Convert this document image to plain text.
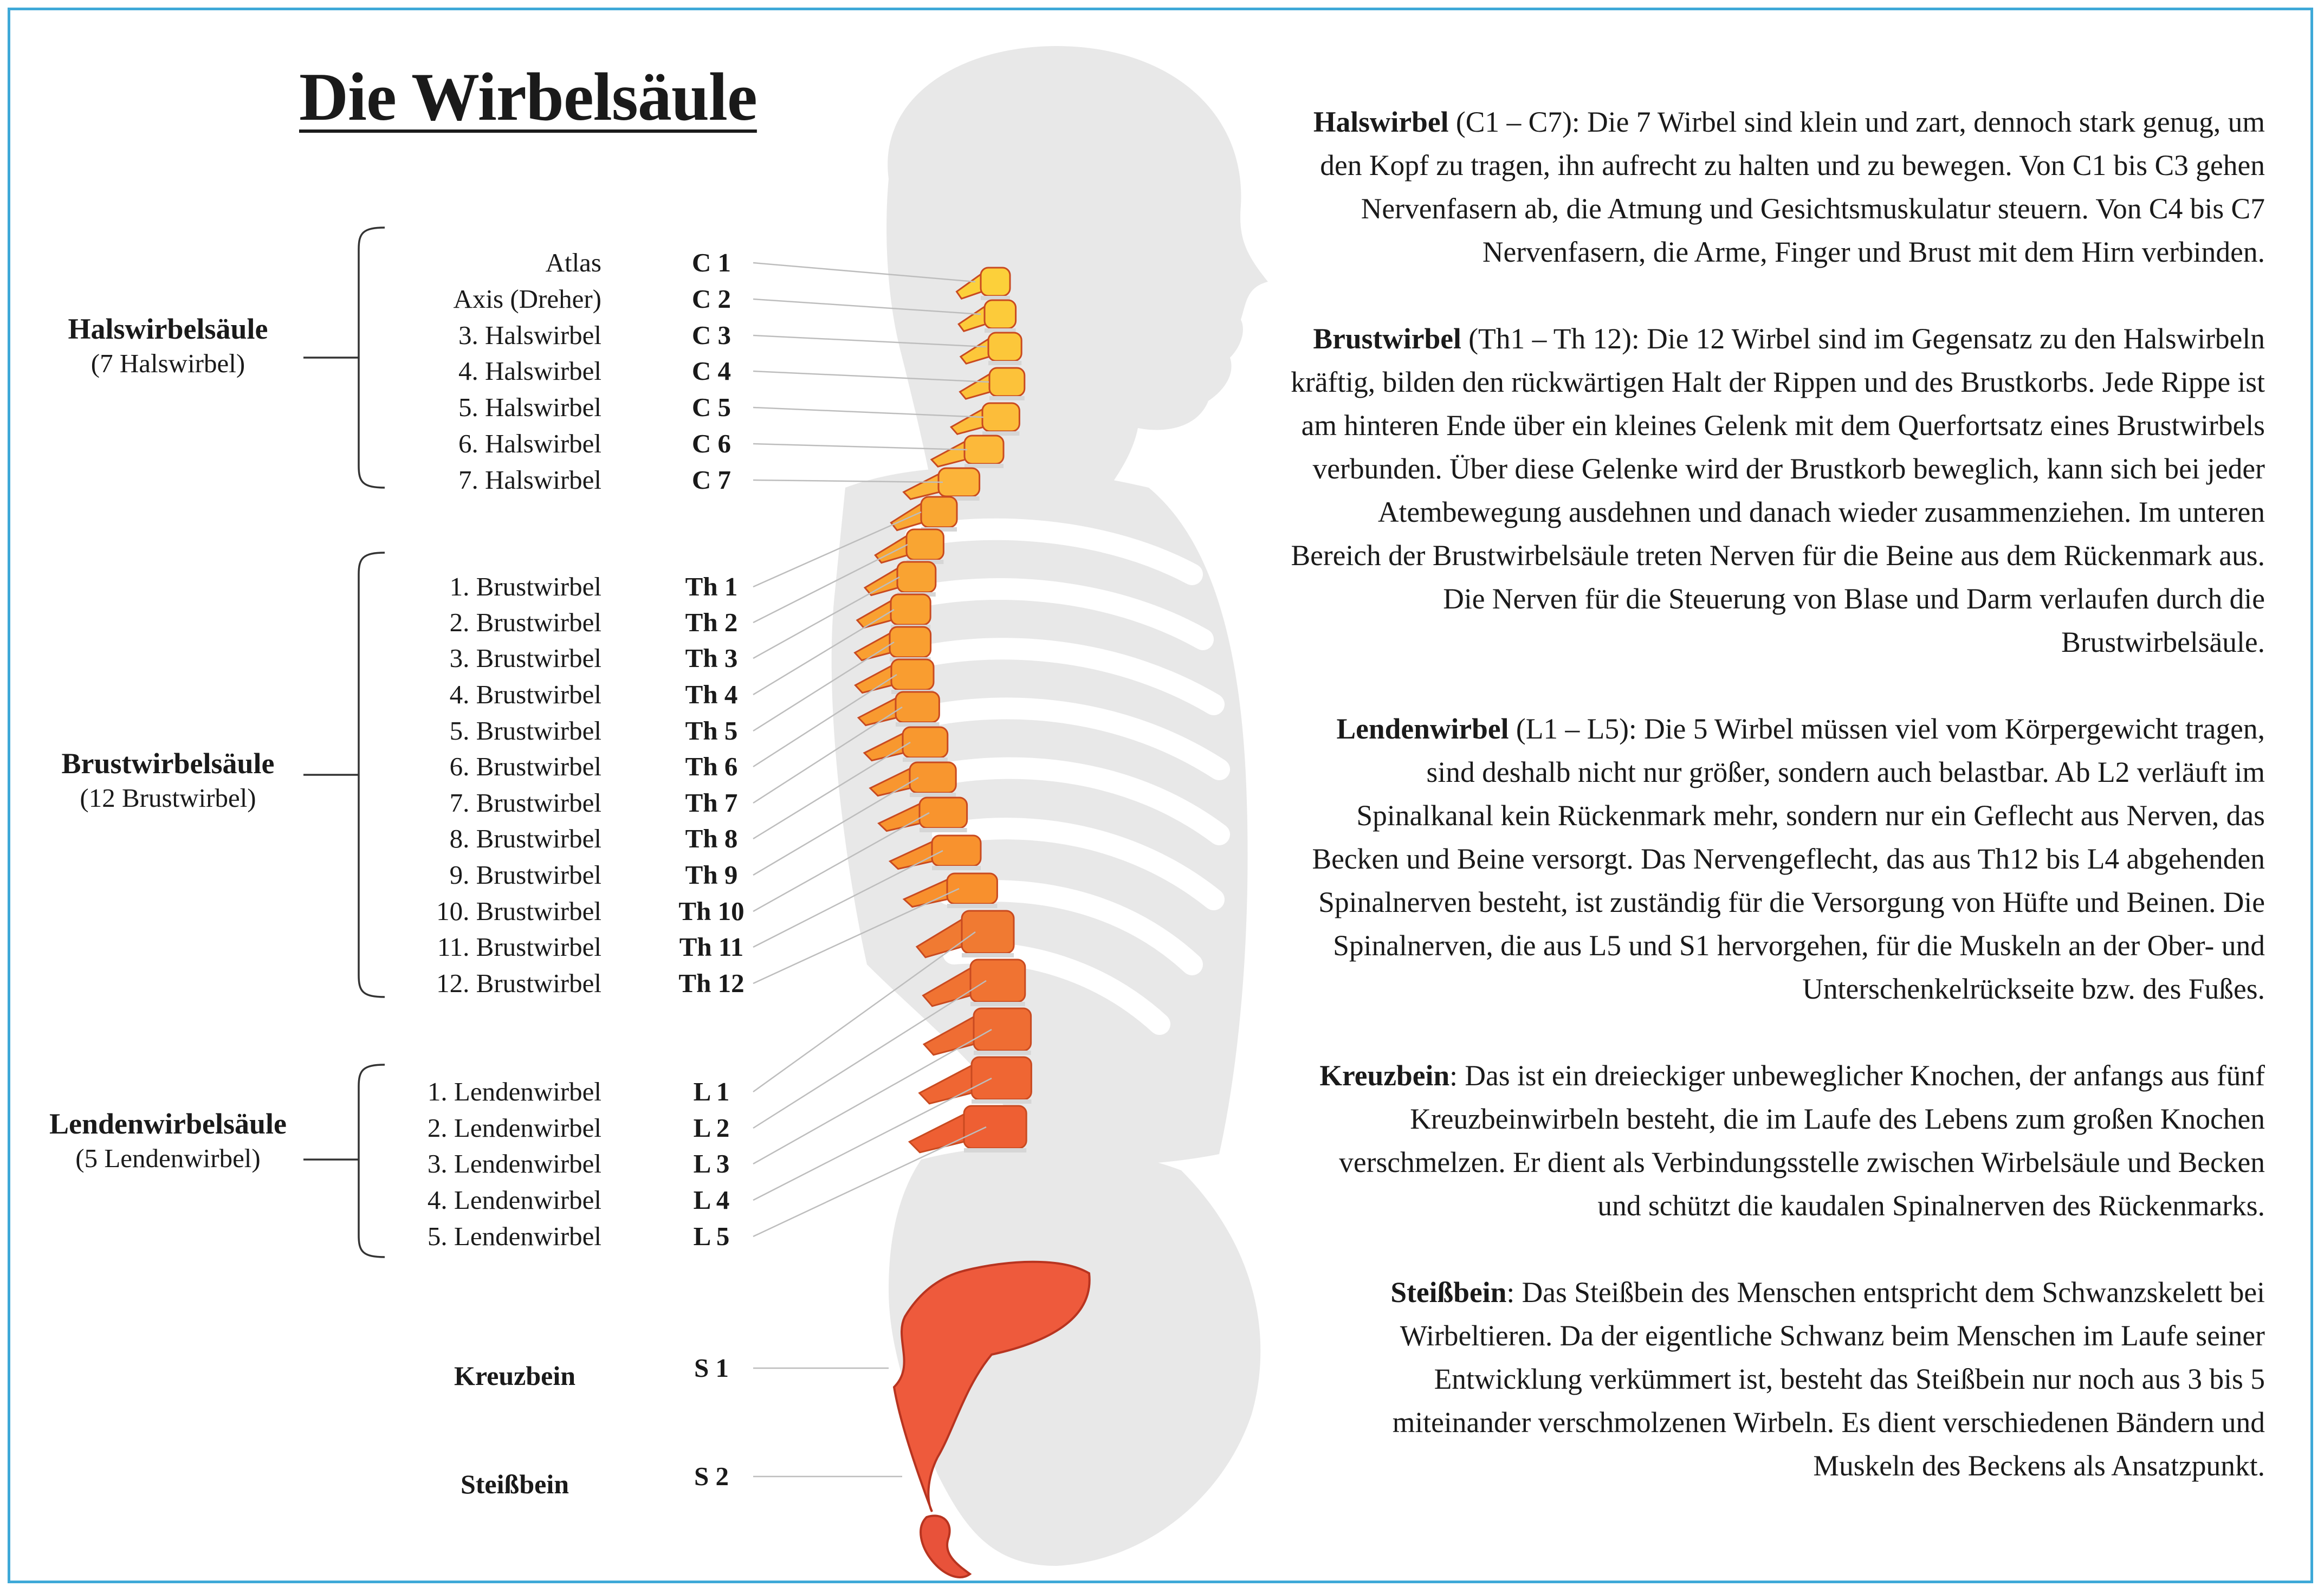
Die Wirbelsäule
Halswirbelsäule
(7 Halswirbel)
Brustwirbelsäule
(12 Brustwirbel)
Lendenwirbelsäule
(5 Lendenwirbel)
Atlas	C 1
Axis (Dreher)	C 2
3. Halswirbel	C 3
4. Halswirbel	C 4
5. Halswirbel	C 5
6. Halswirbel	C 6
7. Halswirbel	C 7
1. Brustwirbel	Th 1
2. Brustwirbel	Th 2
3. Brustwirbel	Th 3
4. Brustwirbel	Th 4
5. Brustwirbel	Th 5
6. Brustwirbel	Th 6
7. Brustwirbel	Th 7
8. Brustwirbel	Th 8
9. Brustwirbel	Th 9
10. Brustwirbel	Th 10
11. Brustwirbel	Th 11
12. Brustwirbel	Th 12
1. Lendenwirbel	L 1
2. Lendenwirbel	L 2
3. Lendenwirbel	L 3
4. Lendenwirbel	L 4
5. Lendenwirbel	L 5
Kreuzbein	S 1
Steißbein	S 2

Halswirbel (C1 – C7): Die 7 Wirbel sind klein und zart, dennoch stark genug, um den Kopf zu tragen, ihn aufrecht zu halten und zu bewegen. Von C1 bis C3 gehen Nervenfasern ab, die Atmung und Gesichtsmuskulatur steuern. Von C4 bis C7 Nervenfasern, die Arme, Finger und Brust mit dem Hirn verbinden.

Brustwirbel (Th1 – Th 12): Die 12 Wirbel sind im Gegensatz zu den Halswirbeln kräftig, bilden den rückwärtigen Halt der Rippen und des Brustkorbs. Jede Rippe ist am hinteren Ende über ein kleines Gelenk mit dem Querfortsatz eines Brustwirbels verbunden. Über diese Gelenke wird der Brustkorb beweglich, kann sich bei jeder Atembewegung ausdehnen und danach wieder zusammenziehen. Im unteren Bereich der Brustwirbelsäule treten Nerven für die Beine aus dem Rückenmark aus. Die Nerven für die Steuerung von Blase und Darm verlaufen durch die Brustwirbelsäule.

Lendenwirbel (L1 – L5): Die 5 Wirbel müssen viel vom Körpergewicht tragen, sind deshalb nicht nur größer, sondern auch belastbar. Ab L2 verläuft im Spinalkanal kein Rückenmark mehr, sondern nur ein Geflecht aus Nerven, das Becken und Beine versorgt. Das Nervengeflecht, das aus Th12 bis L4 abgehenden Spinalnerven besteht, ist zuständig für die Versorgung von Hüfte und Beinen. Die Spinalnerven, die aus L5 und S1 hervorgehen, für die Muskeln an der Ober- und Unterschenkelrückseite bzw. des Fußes.

Kreuzbein: Das ist ein dreieckiger unbeweglicher Knochen, der anfangs aus fünf Kreuzbeinwirbeln besteht, die im Laufe des Lebens zum großen Knochen verschmelzen. Er dient als Verbindungsstelle zwischen Wirbelsäule und Becken und schützt die kaudalen Spinalnerven des Rückenmarks.

Steißbein: Das Steißbein des Menschen entspricht dem Schwanzskelett bei Wirbeltieren. Da der eigentliche Schwanz beim Menschen im Laufe seiner Entwicklung verkümmert ist, besteht das Steißbein nur noch aus 3 bis 5 miteinander verschmolzenen Wirbeln. Es dient verschiedenen Bändern und Muskeln des Beckens als Ansatzpunkt.
